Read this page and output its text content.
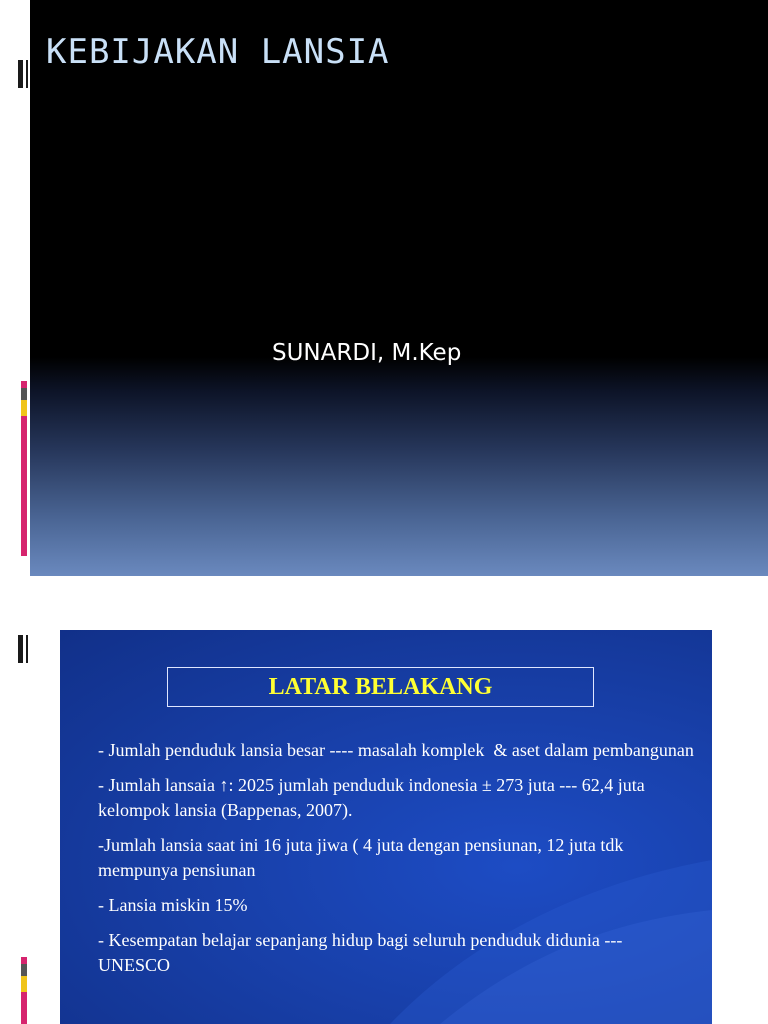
KEBIJAKAN LANSIA
SUNARDI, M.Kep
LATAR BELAKANG
- Jumlah penduduk lansia besar ---- masalah komplek  & aset dalam pembangunan
- Jumlah lansaia ↑: 2025 jumlah penduduk indonesia ± 273 juta --- 62,4 juta kelompok lansia (Bappenas, 2007).
-Jumlah lansia saat ini 16 juta jiwa ( 4 juta dengan pensiunan, 12 juta tdk mempunya pensiunan
- Lansia miskin 15%
- Kesempatan belajar sepanjang hidup bagi seluruh penduduk didunia --- UNESCO
